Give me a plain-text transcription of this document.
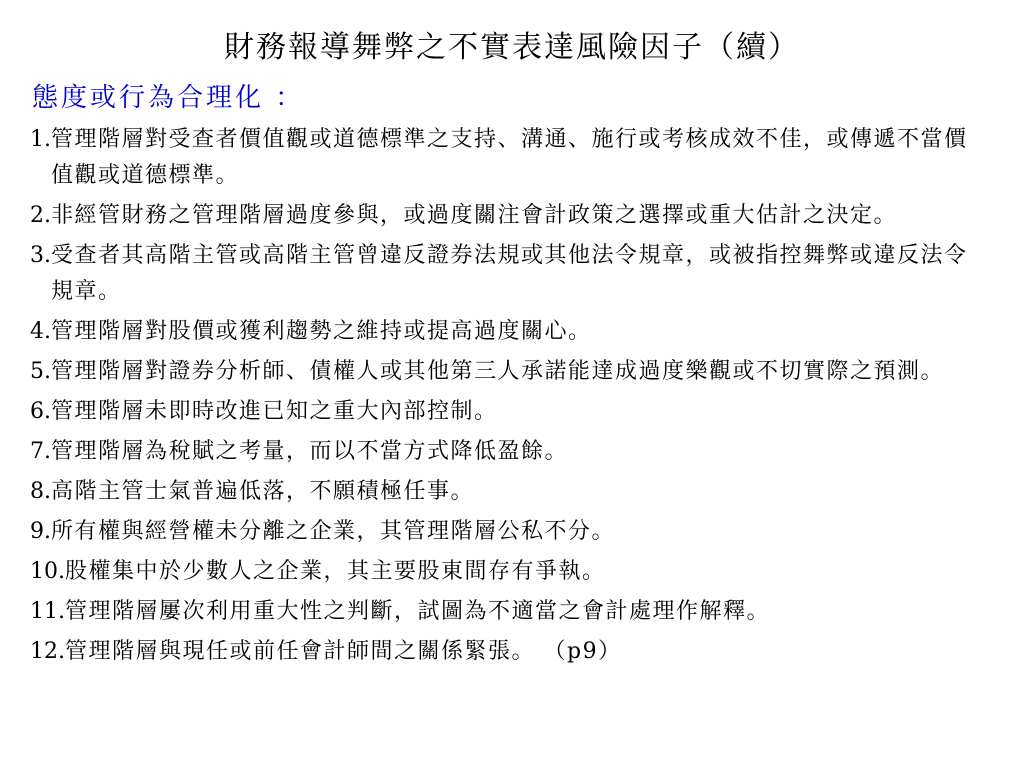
財務報導舞弊之不實表達風險因子（續）
態度或行為合理化 ：
1. 管理階層對受查者價值觀或道德標準之支持、溝通、施行或考核成效不佳，或傳遞不當價值觀或道德標準。
2. 非經管財務之管理階層過度參與，或過度關注會計政策之選擇或重大估計之決定。
3. 受查者其高階主管或高階主管曾違反證券法規或其他法令規章，或被指控舞弊或違反法令規章。
4. 管理階層對股價或獲利趨勢之維持或提高過度關心。
5. 管理階層對證券分析師、債權人或其他第三人承諾能達成過度樂觀或不切實際之預測。
6. 管理階層未即時改進已知之重大內部控制。
7. 管理階層為稅賦之考量，而以不當方式降低盈餘。
8. 高階主管士氣普遍低落，不願積極任事。
9. 所有權與經營權未分離之企業，其管理階層公私不分。
10. 股權集中於少數人之企業，其主要股東間存有爭執。
11. 管理階層屢次利用重大性之判斷，試圖為不適當之會計處理作解釋。
12. 管理階層與現任或前任會計師間之關係緊張。 （p9）
